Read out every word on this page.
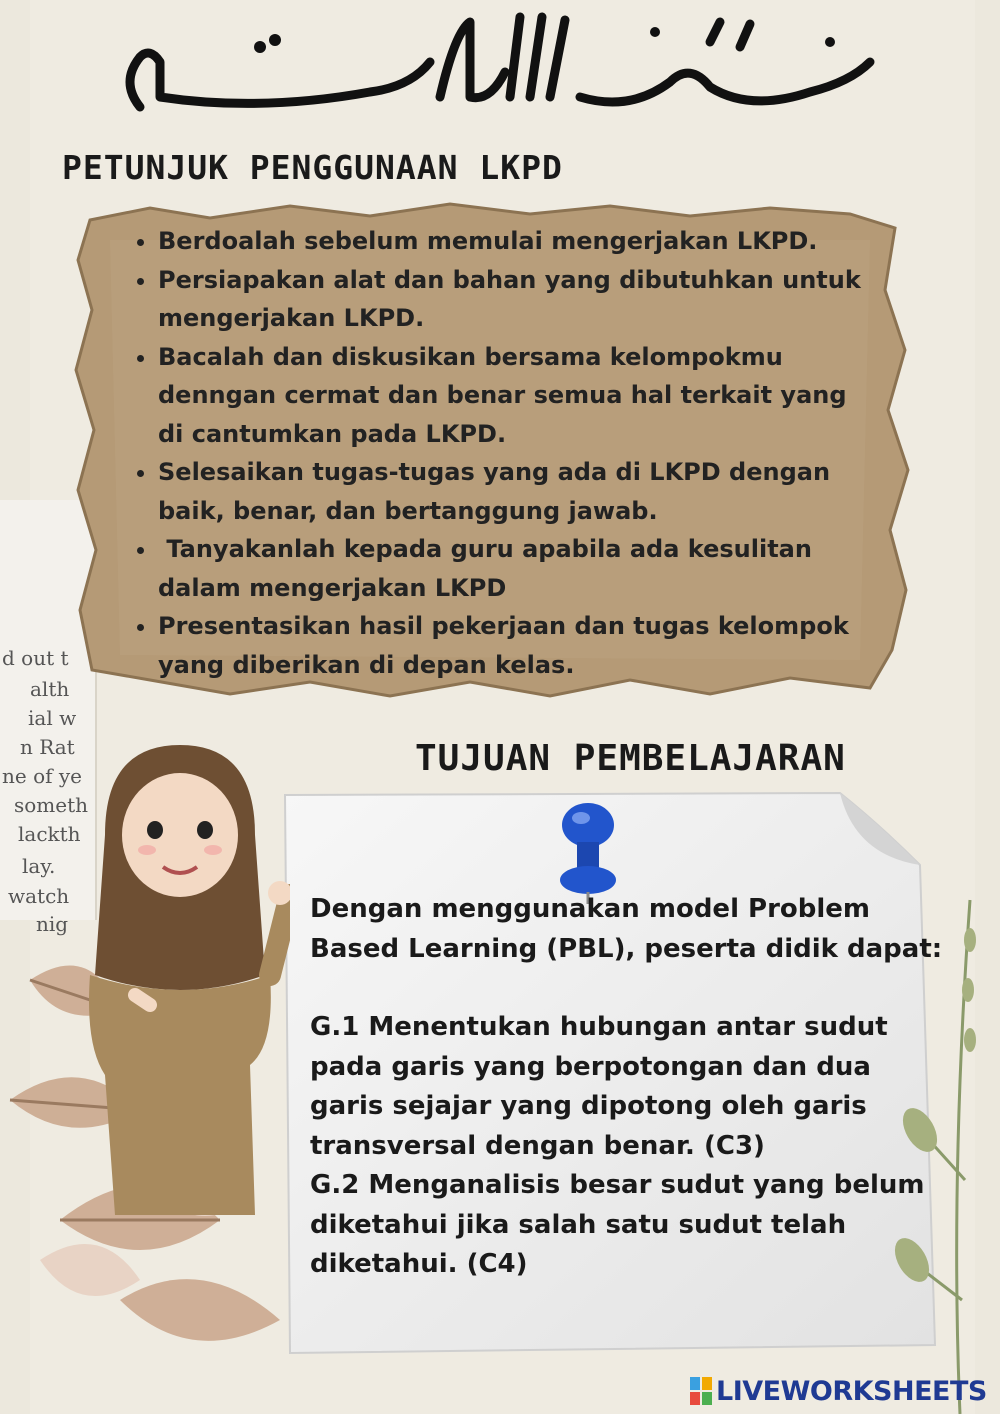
d out t
alth
ial w
n Rat
ne of ye
someth
lackth
lay.
watch
nig
PETUNJUK PENGGUNAAN LKPD
• Berdoalah sebelum memulai mengerjakan LKPD.
• Persiapakan alat dan bahan yang dibutuhkan untuk mengerjakan LKPD.
• Bacalah dan diskusikan bersama kelompokmu denngan cermat dan benar semua hal terkait yang di cantumkan pada LKPD.
• Selesaikan tugas-tugas yang ada di LKPD dengan baik, benar, dan bertanggung jawab.
•  Tanyakanlah kepada guru apabila ada kesulitan dalam mengerjakan LKPD
• Presentasikan hasil pekerjaan dan tugas kelompok yang diberikan di depan kelas.
TUJUAN PEMBELAJARAN

Dengan menggunakan model Problem Based Learning (PBL), peserta didik dapat:

G.1 Menentukan hubungan antar sudut pada garis yang berpotongan dan dua garis sejajar yang dipotong oleh garis transversal dengan benar. (C3)

G.2 Menganalisis besar sudut yang belum diketahui jika salah satu sudut telah diketahui. (C4)

LIVEWORKSHEETS
